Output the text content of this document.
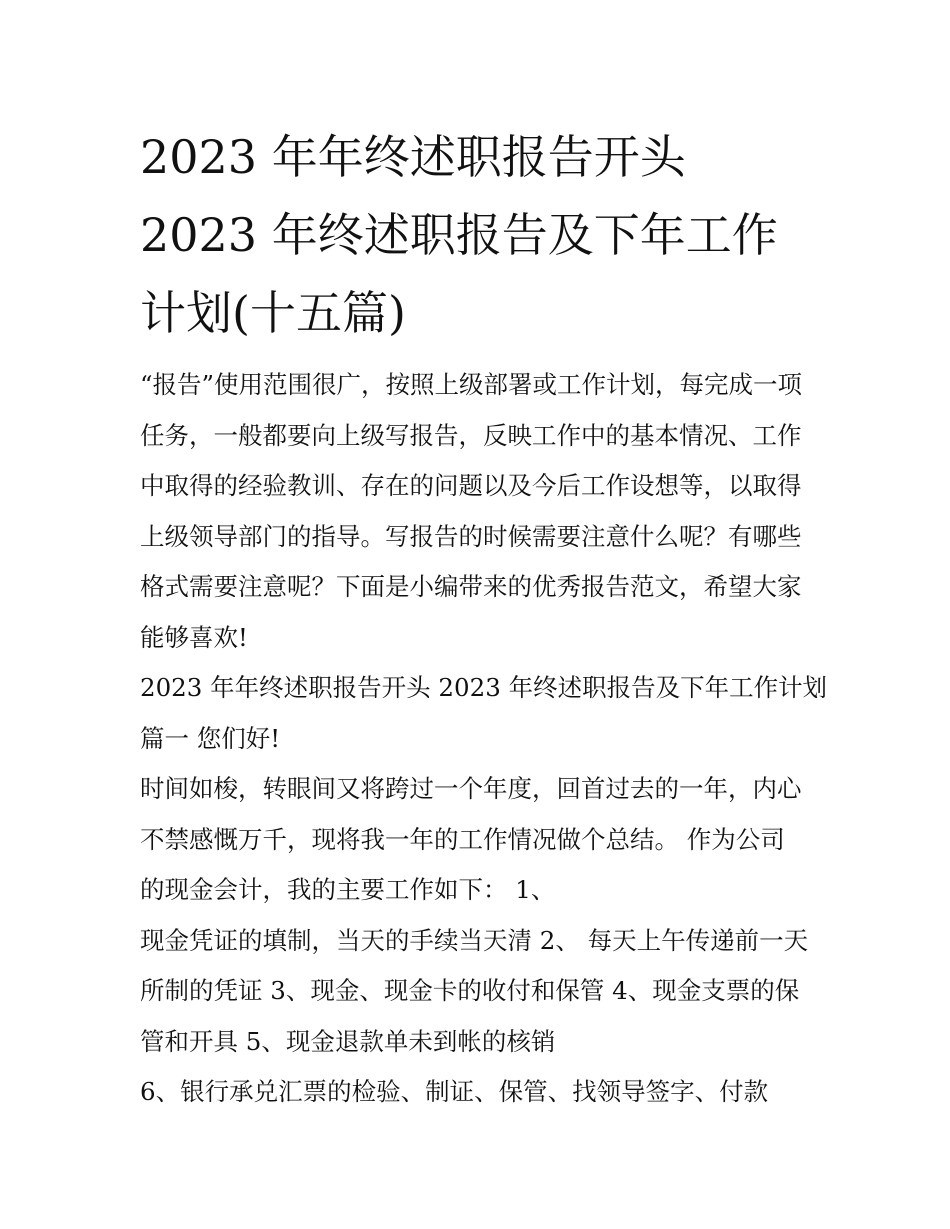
2023 年年终述职报告开头
2023 年终述职报告及下年工作
计划(十五篇)
“报告”使用范围很广，按照上级部署或工作计划，每完成一项
任务，一般都要向上级写报告，反映工作中的基本情况、工作
中取得的经验教训、存在的问题以及今后工作设想等，以取得
上级领导部门的指导。写报告的时候需要注意什么呢？有哪些
格式需要注意呢？下面是小编带来的优秀报告范文，希望大家
能够喜欢!
2023 年年终述职报告开头 2023 年终述职报告及下年工作计划
篇一 您们好!
时间如梭，转眼间又将跨过一个年度，回首过去的一年，内心
不禁感慨万千，现将我一年的工作情况做个总结。 作为公司
的现金会计，我的主要工作如下： 1、
现金凭证的填制，当天的手续当天清 2、 每天上午传递前一天
所制的凭证 3、现金、现金卡的收付和保管 4、现金支票的保
管和开具 5、现金退款单未到帐的核销
6、银行承兑汇票的检验、制证、保管、找领导签字、付款
